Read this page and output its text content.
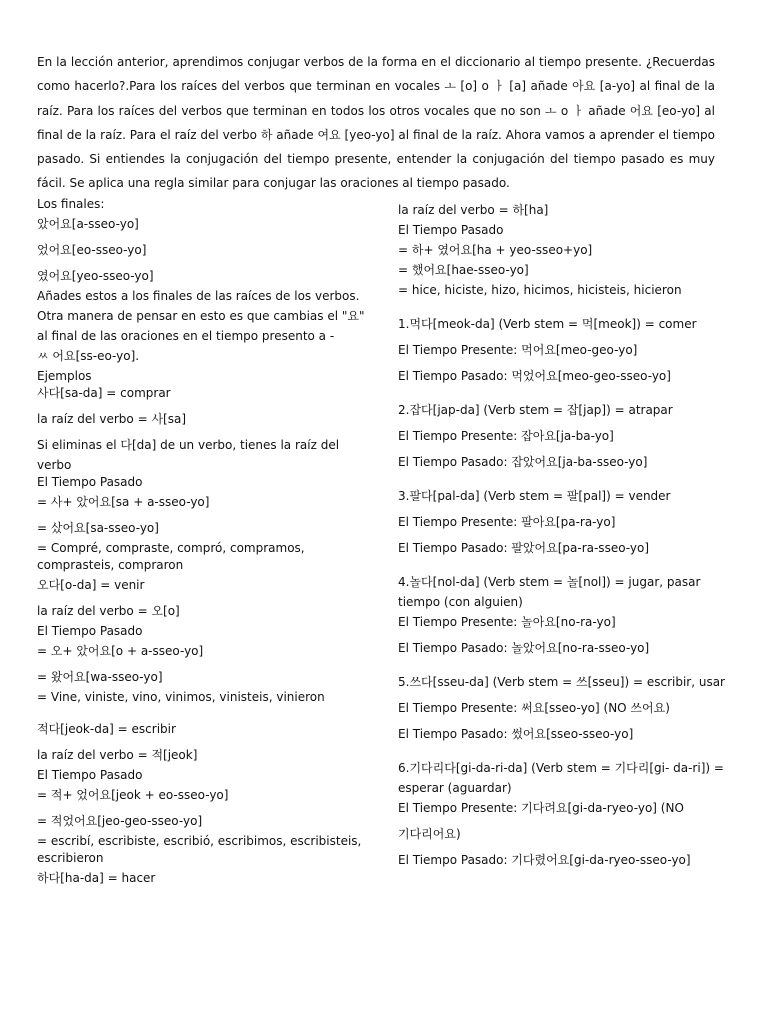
En la lección anterior, aprendimos conjugar verbos de la forma en el diccionario al tiempo presente. ¿Recuerdas como hacerlo?.Para los raíces del verbos que terminan en vocales ㅗ [o] o ㅏ [a] añade 아요 [a-yo] al final de la raíz. Para los raíces del verbos que terminan en todos los otros vocales que no son ㅗ o ㅏ añade 어요 [eo-yo] al final de la raíz. Para el raíz del verbo 하 añade 여요 [yeo-yo] al final de la raíz. Ahora vamos a aprender el tiempo pasado. Si entiendes la conjugación del tiempo presente, entender la conjugación del tiempo pasado es muy fácil. Se aplica una regla similar para conjugar las oraciones al tiempo pasado.

Los finales:
았어요[a-sseo-yo]
었어요[eo-sseo-yo]
였어요[yeo-sseo-yo]
Añades estos a los finales de las raíces de los verbos.
Otra manera de pensar en esto es que cambias el "요"
al final de las oraciones en el tiempo presento a -
ㅆ 어요[ss-eo-yo].
Ejemplos
사다[sa-da] = comprar
la raíz del verbo = 사[sa]
Si eliminas el 다[da] de un verbo, tienes la raíz del
verbo
El Tiempo Pasado
= 사+ 았어요[sa + a-sseo-yo]
= 샀어요[sa-sseo-yo]
= Compré, compraste, compró, compramos,
comprasteis, compraron
오다[o-da] = venir
la raíz del verbo = 오[o]
El Tiempo Pasado
= 오+ 았어요[o + a-sseo-yo]
= 왔어요[wa-sseo-yo]
= Vine, viniste, vino, vinimos, vinisteis, vinieron
적다[jeok-da] = escribir
la raíz del verbo = 적[jeok]
El Tiempo Pasado
= 적+ 었어요[jeok + eo-sseo-yo]
= 적었어요[jeo-geo-sseo-yo]
= escribí, escribiste, escribió, escribimos, escribisteis,
escribieron
하다[ha-da] = hacer
la raíz del verbo = 하[ha]
El Tiempo Pasado
= 하+ 였어요[ha + yeo-sseo+yo]
= 했어요[hae-sseo-yo]
= hice, hiciste, hizo, hicimos, hicisteis, hicieron
1.먹다[meok-da] (Verb stem = 먹[meok]) = comer
El Tiempo Presente: 먹어요[meo-geo-yo]
El Tiempo Pasado: 먹었어요[meo-geo-sseo-yo]
2.잡다[jap-da] (Verb stem = 잡[jap]) = atrapar
El Tiempo Presente: 잡아요[ja-ba-yo]
El Tiempo Pasado: 잡았어요[ja-ba-sseo-yo]
3.팔다[pal-da] (Verb stem = 팔[pal]) = vender
El Tiempo Presente: 팔아요[pa-ra-yo]
El Tiempo Pasado: 팔았어요[pa-ra-sseo-yo]
4.놀다[nol-da] (Verb stem = 놀[nol]) = jugar, pasar
tiempo (con alguien)
El Tiempo Presente: 놀아요[no-ra-yo]
El Tiempo Pasado: 놀았어요[no-ra-sseo-yo]
5.쓰다[sseu-da] (Verb stem = 쓰[sseu]) = escribir, usar
El Tiempo Presente: 써요[sseo-yo] (NO 쓰어요)
El Tiempo Pasado: 썼어요[sseo-sseo-yo]
6.기다리다[gi-da-ri-da] (Verb stem = 기다리[gi- da-ri]) =
esperar (aguardar)
El Tiempo Presente: 기다려요[gi-da-ryeo-yo] (NO
기다리어요)
El Tiempo Pasado: 기다렸어요[gi-da-ryeo-sseo-yo]
